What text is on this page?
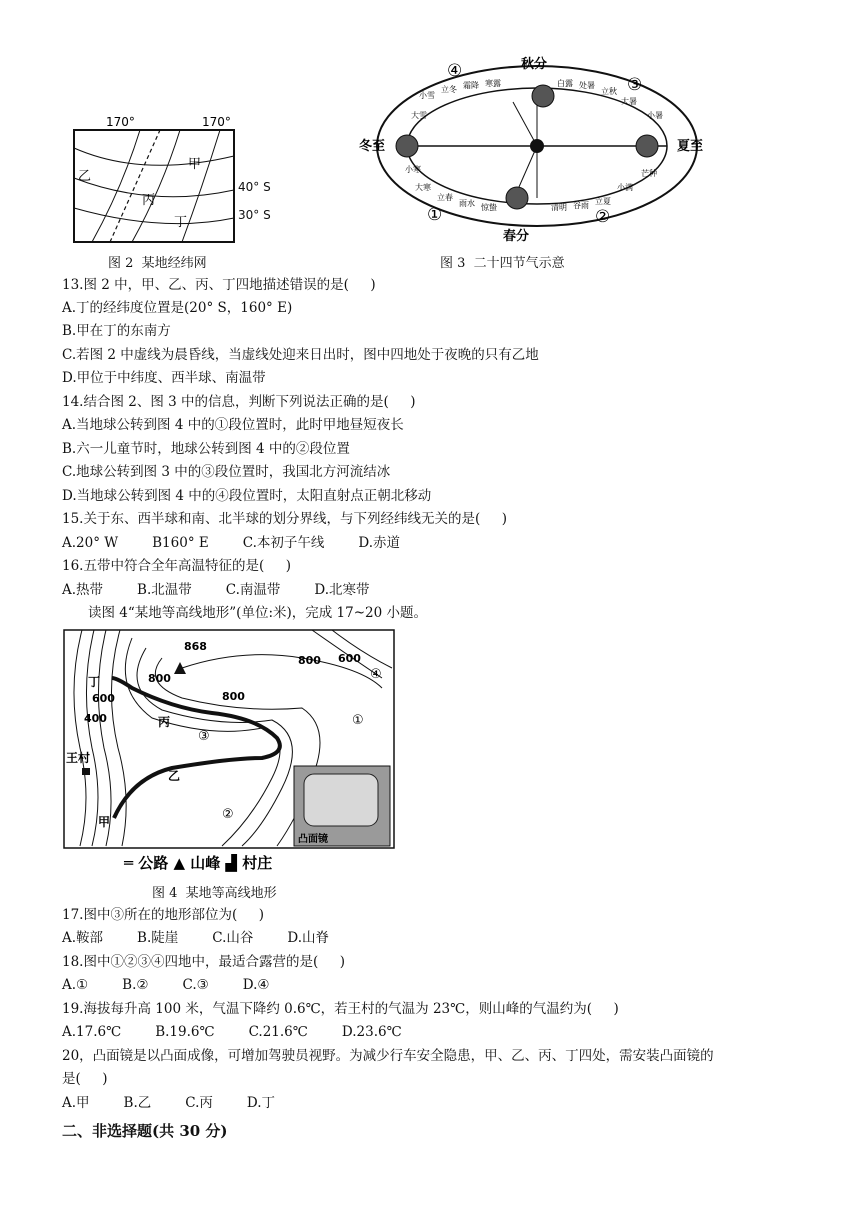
170°	170°
甲
乙
丙
丁
40° S
30° S
图 2  某地经纬网
秋分
春分
冬至	夏至
④
③
①	②
小雪
立冬 霜降 寒露	白露 处暑
立秋
大暑
小暑
大雪
小寒
大寒
立春
雨水 惊蛰	清明 谷雨 立夏
小满
芒种
图 3  二十四节气示意
13.图 2 中，甲、乙、丙、丁四地描述错误的是(     )
A.丁的经纬度位置是(20° S，160° E)
B.甲在丁的东南方
C.若图 2 中虚线为晨昏线，当虚线处迎来日出时，图中四地处于夜晚的只有乙地
D.甲位于中纬度、西半球、南温带
14.结合图 2、图 3 中的信息，判断下列说法正确的是(     )
A.当地球公转到图 4 中的①段位置时，此时甲地昼短夜长
B.六一儿童节时，地球公转到图 4 中的②段位置
C.地球公转到图 3 中的③段位置时，我国北方河流结冰
D.当地球公转到图 4 中的④段位置时，太阳直射点正朝北移动
15.关于东、西半球和南、北半球的划分界线，与下列经纬线无关的是(     )
A.20° W	B160° E	C.本初子午线	D.赤道
16.五带中符合全年高温特征的是(     )
A.热带	B.北温带	C.南温带	D.北寒带
读图 4“某地等高线地形”(单位:米)，完成 17~20 小题。
868
800
800
800 600
600
400
丁
丙
乙
甲
王村
①
②
③
④
凸面镜
═ 公路 ▲ 山峰 ▟ 村庄
图 4  某地等高线地形
17.图中③所在的地形部位为(     )
A.鞍部	B.陡崖	C.山谷	D.山脊
18.图中①②③④四地中，最适合露营的是(     )
A.①	B.②	C.③	D.④
19.海拔每升高 100 米，气温下降约 0.6℃，若王村的气温为 23℃，则山峰的气温约为(     )
A.17.6℃	B.19.6℃	C.21.6℃	D.23.6℃
20，凸面镜是以凸面成像，可增加驾驶员视野。为减少行车安全隐患，甲、乙、丙、丁四处，需安装凸面镜的
是(     )
A.甲	B.乙	C.丙	D.丁
二、非选择题(共 30 分)
